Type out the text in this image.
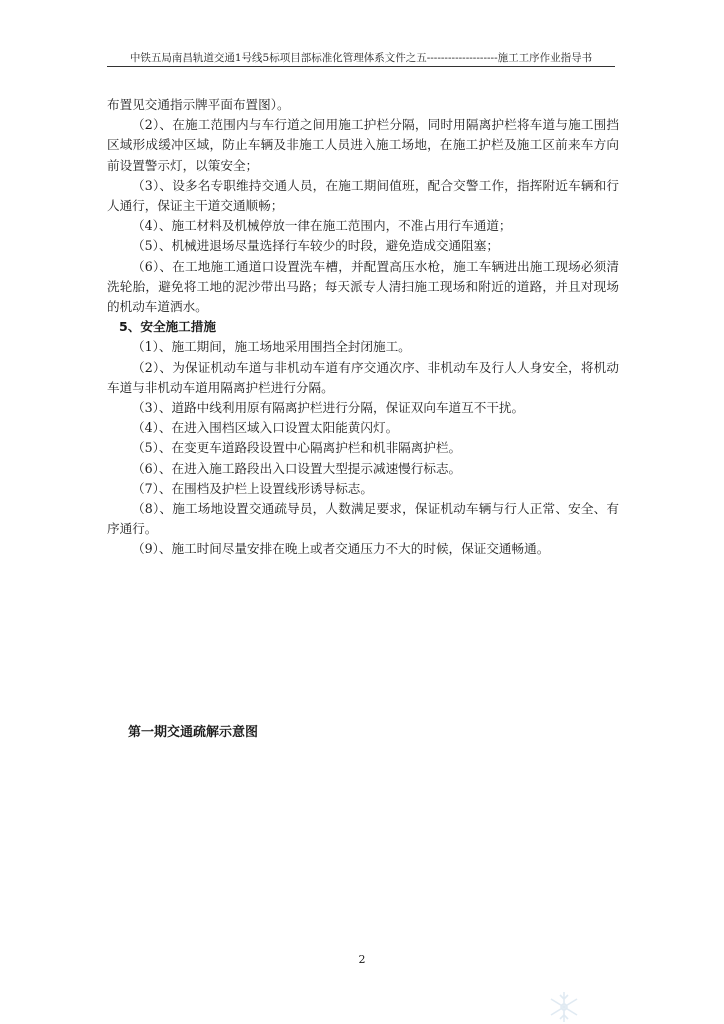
中铁五局南昌轨道交通1号线5标项目部标准化管理体系文件之五--------------------施工工序作业指导书

布置见交通指示牌平面布置图）。

（2）、在施工范围内与车行道之间用施工护栏分隔，同时用隔离护栏将车道与施工围挡区域形成缓冲区域，防止车辆及非施工人员进入施工场地，在施工护栏及施工区前来车方向前设置警示灯，以策安全；

（3）、设多名专职维持交通人员，在施工期间值班，配合交警工作，指挥附近车辆和行人通行，保证主干道交通顺畅；

（4）、施工材料及机械停放一律在施工范围内，不准占用行车通道；

（5）、机械进退场尽量选择行车较少的时段，避免造成交通阻塞；

（6）、在工地施工通道口设置洗车槽，并配置高压水枪，施工车辆进出施工现场必须清洗轮胎，避免将工地的泥沙带出马路；每天派专人清扫施工现场和附近的道路，并且对现场的机动车道洒水。

5、安全施工措施

（1）、施工期间，施工场地采用围挡全封闭施工。

（2）、为保证机动车道与非机动车道有序交通次序、非机动车及行人人身安全，将机动车道与非机动车道用隔离护栏进行分隔。

（3）、道路中线利用原有隔离护栏进行分隔，保证双向车道互不干扰。

（4）、在进入围档区域入口设置太阳能黄闪灯。

（5）、在变更车道路段设置中心隔离护栏和机非隔离护栏。

（6）、在进入施工路段出入口设置大型提示减速慢行标志。

（7）、在围档及护栏上设置线形诱导标志。

（8）、施工场地设置交通疏导员，人数满足要求，保证机动车辆与行人正常、安全、有序通行。

（9）、施工时间尽量安排在晚上或者交通压力不大的时候，保证交通畅通。

第一期交通疏解示意图
2
